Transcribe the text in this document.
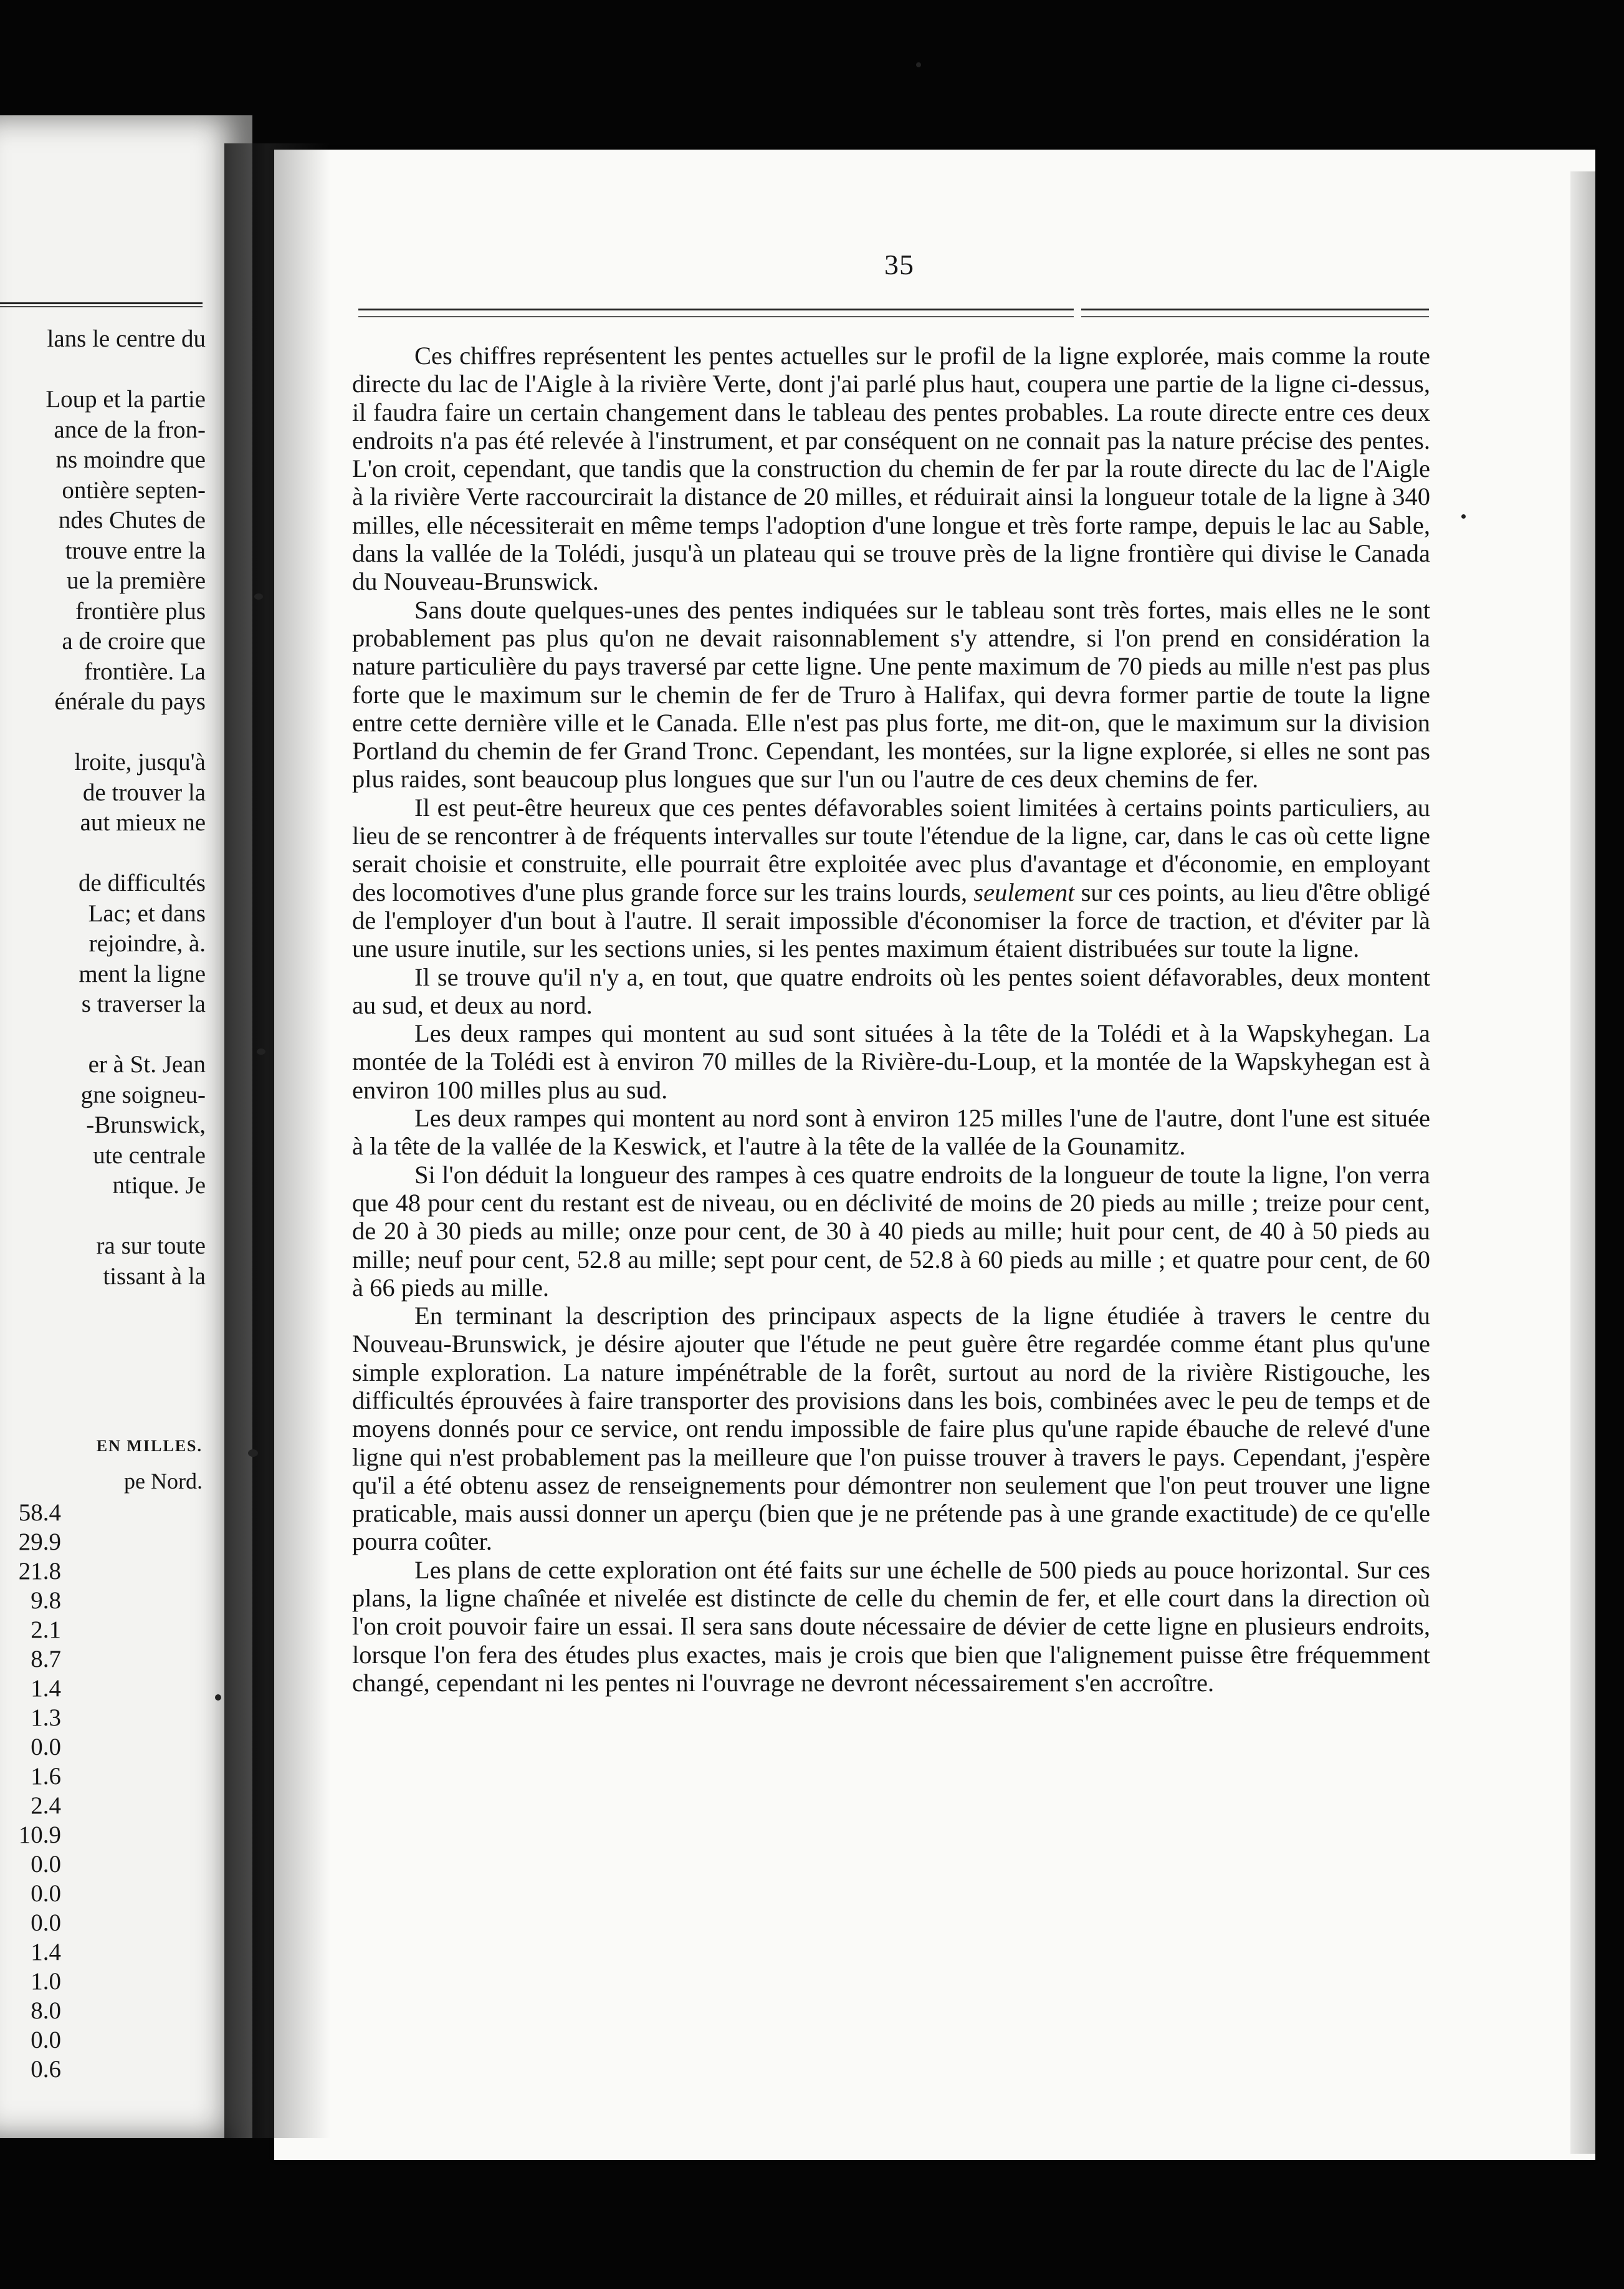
lans le centre du

Loup et la partie
ance de la fron-
ns moindre que
ontière septen-
ndes Chutes de
trouve entre la
ue la première
frontière plus
a de croire que
frontière. La
énérale du pays

lroite, jusqu'à
de trouver la
aut mieux ne

de difficultés
Lac; et dans
rejoindre, à.
ment la ligne
s traverser la

er à St. Jean
gne soigneu-
-Brunswick,
ute centrale
ntique. Je

ra sur toute
tissant à la
EN MILLES.
pe Nord.
58.4
29.9
21.8
9.8
2.1
8.7
1.4
1.3
0.0
1.6
2.4
10.9
0.0
0.0
0.0
1.4
1.0
8.0
0.0
0.6
35

Ces chiffres représentent les pentes actuelles sur le profil de la ligne explorée, mais comme la route directe du lac de l'Aigle à la rivière Verte, dont j'ai parlé plus haut, coupera une partie de la ligne ci-dessus, il faudra faire un certain changement dans le tableau des pentes probables. La route directe entre ces deux endroits n'a pas été relevée à l'instrument, et par conséquent on ne connait pas la nature précise des pentes. L'on croit, cependant, que tandis que la construction du chemin de fer par la route directe du lac de l'Aigle à la rivière Verte raccourcirait la distance de 20 milles, et réduirait ainsi la longueur totale de la ligne à 340 milles, elle nécessiterait en même temps l'adoption d'une longue et très forte rampe, depuis le lac au Sable, dans la vallée de la Tolédi, jusqu'à un plateau qui se trouve près de la ligne frontière qui divise le Canada du Nouveau-Brunswick.

Sans doute quelques-unes des pentes indiquées sur le tableau sont très fortes, mais elles ne le sont probablement pas plus qu'on ne devait raisonnablement s'y attendre, si l'on prend en considération la nature particulière du pays traversé par cette ligne. Une pente maximum de 70 pieds au mille n'est pas plus forte que le maximum sur le chemin de fer de Truro à Halifax, qui devra former partie de toute la ligne entre cette dernière ville et le Canada. Elle n'est pas plus forte, me dit-on, que le maximum sur la division Portland du chemin de fer Grand Tronc. Cependant, les montées, sur la ligne explorée, si elles ne sont pas plus raides, sont beaucoup plus longues que sur l'un ou l'autre de ces deux chemins de fer.

Il est peut-être heureux que ces pentes défavorables soient limitées à certains points particuliers, au lieu de se rencontrer à de fréquents intervalles sur toute l'étendue de la ligne, car, dans le cas où cette ligne serait choisie et construite, elle pourrait être exploitée avec plus d'avantage et d'économie, en employant des locomotives d'une plus grande force sur les trains lourds, seulement sur ces points, au lieu d'être obligé de l'employer d'un bout à l'autre. Il serait impossible d'économiser la force de traction, et d'éviter par là une usure inutile, sur les sections unies, si les pentes maximum étaient distribuées sur toute la ligne.

Il se trouve qu'il n'y a, en tout, que quatre endroits où les pentes soient défavorables, deux montent au sud, et deux au nord.

Les deux rampes qui montent au sud sont situées à la tête de la Tolédi et à la Wapskyhegan. La montée de la Tolédi est à environ 70 milles de la Rivière-du-Loup, et la montée de la Wapskyhegan est à environ 100 milles plus au sud.

Les deux rampes qui montent au nord sont à environ 125 milles l'une de l'autre, dont l'une est située à la tête de la vallée de la Keswick, et l'autre à la tête de la vallée de la Gounamitz.

Si l'on déduit la longueur des rampes à ces quatre endroits de la longueur de toute la ligne, l'on verra que 48 pour cent du restant est de niveau, ou en déclivité de moins de 20 pieds au mille ; treize pour cent, de 20 à 30 pieds au mille; onze pour cent, de 30 à 40 pieds au mille; huit pour cent, de 40 à 50 pieds au mille; neuf pour cent, 52.8 au mille; sept pour cent, de 52.8 à 60 pieds au mille ; et quatre pour cent, de 60 à 66 pieds au mille.

En terminant la description des principaux aspects de la ligne étudiée à travers le centre du Nouveau-Brunswick, je désire ajouter que l'étude ne peut guère être regardée comme étant plus qu'une simple exploration. La nature impénétrable de la forêt, surtout au nord de la rivière Ristigouche, les difficultés éprouvées à faire transporter des provisions dans les bois, combinées avec le peu de temps et de moyens donnés pour ce service, ont rendu impossible de faire plus qu'une rapide ébauche de relevé d'une ligne qui n'est probablement pas la meilleure que l'on puisse trouver à travers le pays. Cependant, j'espère qu'il a été obtenu assez de renseignements pour démontrer non seulement que l'on peut trouver une ligne praticable, mais aussi donner un aperçu (bien que je ne prétende pas à une grande exactitude) de ce qu'elle pourra coûter.

Les plans de cette exploration ont été faits sur une échelle de 500 pieds au pouce horizontal. Sur ces plans, la ligne chaînée et nivelée est distincte de celle du chemin de fer, et elle court dans la direction où l'on croit pouvoir faire un essai. Il sera sans doute nécessaire de dévier de cette ligne en plusieurs endroits, lorsque l'on fera des études plus exactes, mais je crois que bien que l'alignement puisse être fréquemment changé, cependant ni les pentes ni l'ouvrage ne devront nécessairement s'en accroître.
